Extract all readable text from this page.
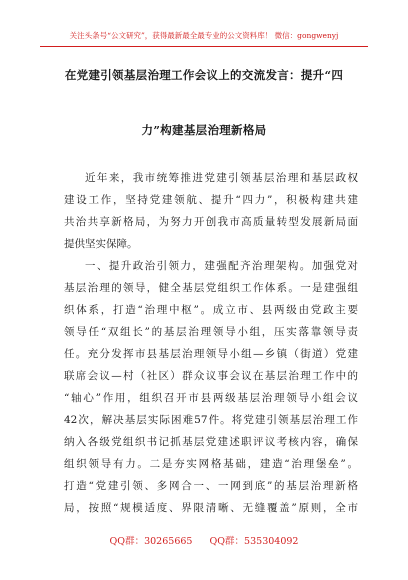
关注头条号“公文研究”，获得最新最全最专业的公文资料库！ 微信：gongwenyj
在党建引领基层治理工作会议上的交流发言：提升“四
力”构建基层治理新格局
近年来，我市统筹推进党建引领基层治理和基层政权
建设工作，坚持党建领航、提升“四力”，积极构建共建
共治共享新格局，为努力开创我市高质量转型发展新局面
提供坚实保障。
一、提升政治引领力，建强配齐治理架构。加强党对
基层治理的领导，健全基层党组织工作体系。一是建强组
织体系，打造“治理中枢”。成立市、县两级由党政主要
领导任“双组长”的基层治理领导小组，压实落靠领导责
任。充分发挥市县基层治理领导小组—乡镇（街道）党建
联席会议—村（社区）群众议事会议在基层治理工作中的
“轴心”作用，组织召开市县两级基层治理领导小组会议
42次，解决基层实际困难57件。将党建引领基层治理工作
纳入各级党组织书记抓基层党建述职评议考核内容，确保
组织领导有力。二是夯实网格基础，建造“治理堡垒”。
打造“党建引领、多网合一、一网到底”的基层治理新格
局，按照“规模适度、界限清晰、无缝覆盖”原则，全市
QQ群：30265665 QQ群：535304092
